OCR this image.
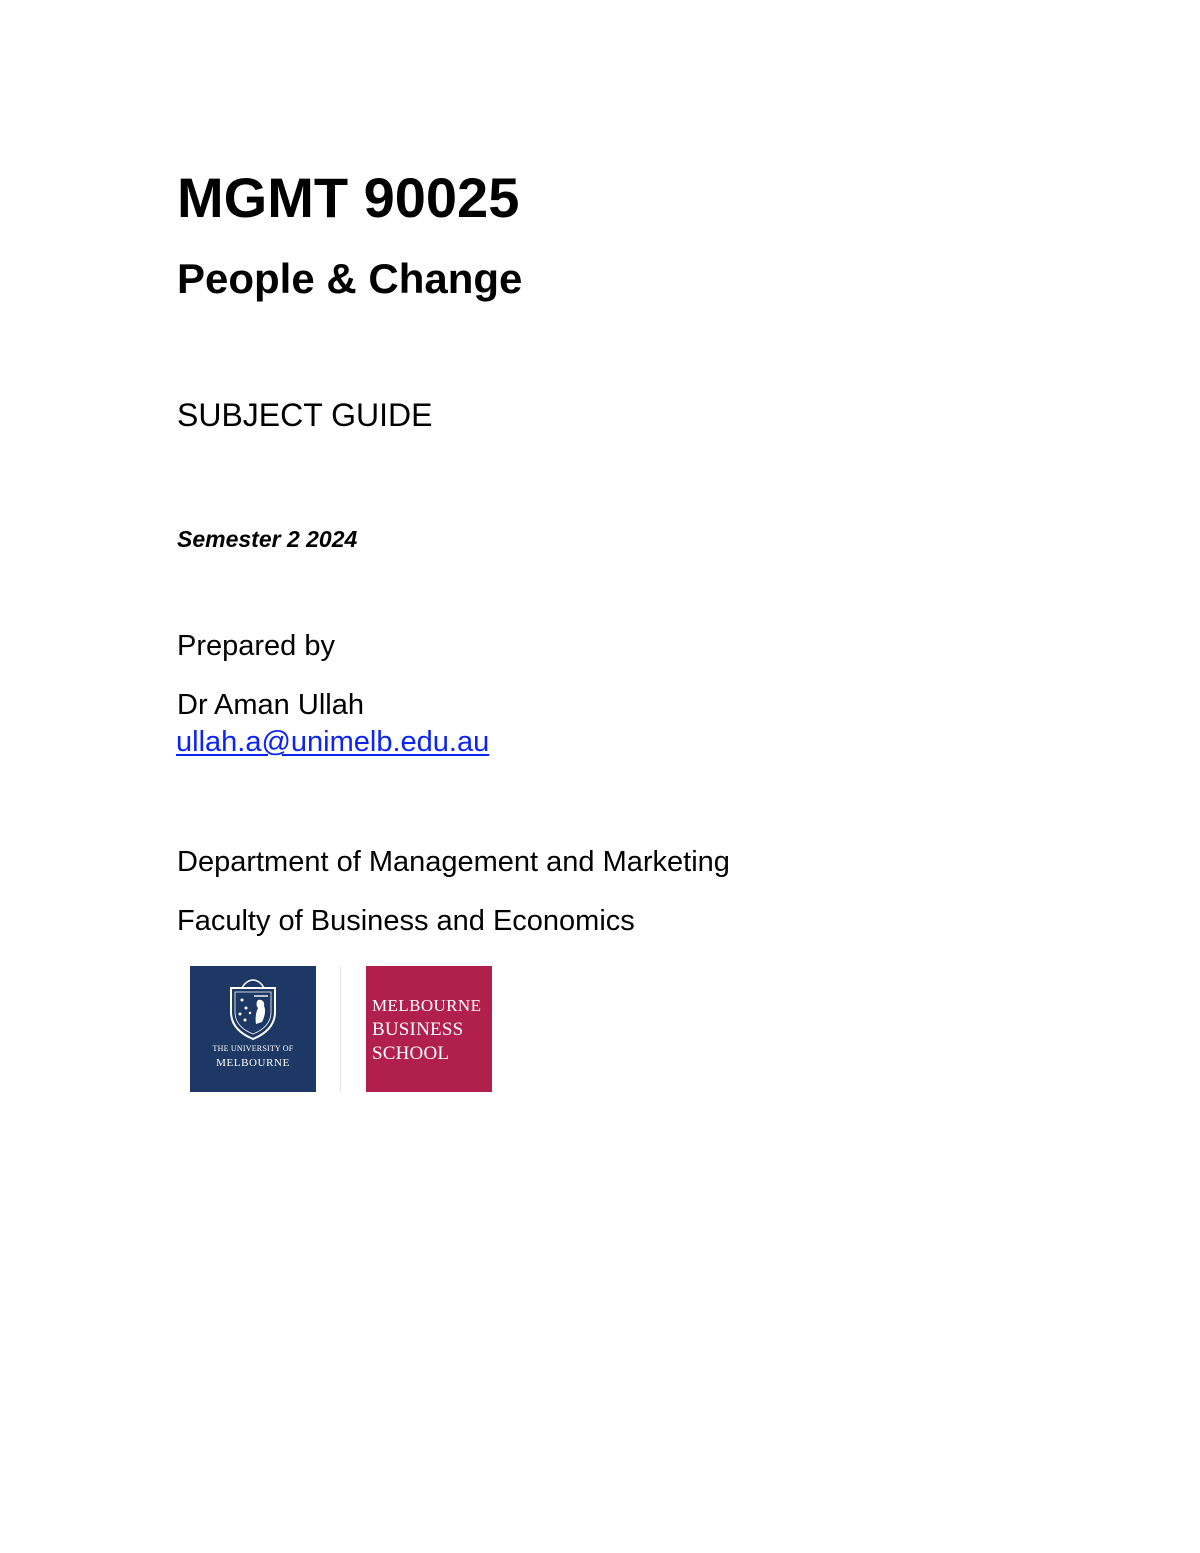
MGMT 90025
People & Change
SUBJECT GUIDE
Semester 2 2024
Prepared by
Dr Aman Ullah
ullah.a@unimelb.edu.au
Department of Management and Marketing
Faculty of Business and Economics
THE UNIVERSITY OF
MELBOURNE
MELBOURNE
BUSINESS
SCHOOL
